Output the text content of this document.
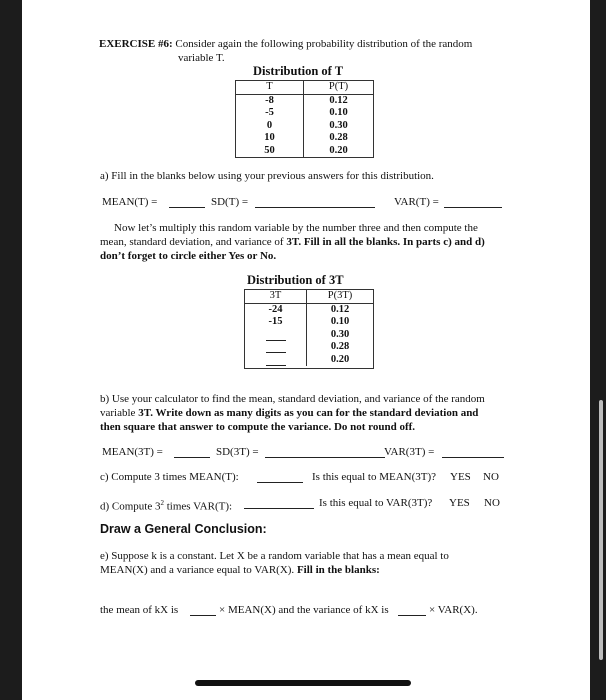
EXERCISE #6: Consider again the following probability distribution of the random
variable T.
Distribution of T
T	P(T)
-8	0.12
-5	0.10
0	0.30
10	0.28
50	0.20
a) Fill in the blanks below using your previous answers for this distribution.
MEAN(T) =	SD(T) =	VAR(T) =
Now let’s multiply this random variable by the number three and then compute the
mean, standard deviation, and variance of 3T. Fill in all the blanks. In parts c) and d)
don’t forget to circle either Yes or No.
Distribution of 3T
3T	P(3T)
-24	0.12
-15	0.10

	0.30

	0.28

	0.20
b) Use your calculator to find the mean, standard deviation, and variance of the random
variable 3T. Write down as many digits as you can for the standard deviation and
then square that answer to compute the variance. Do not round off.
MEAN(3T) =	SD(3T) =	VAR(3T) =
c) Compute 3 times MEAN(T):	Is this equal to MEAN(3T)? YES NO
d) Compute $3^2$ times VAR(T):	Is this equal to VAR(3T)? YES NO
Draw a General Conclusion:
e) Suppose k is a constant. Let X be a random variable that has a mean equal to
MEAN(X) and a variance equal to VAR(X). Fill in the blanks:
the mean of kX is	× MEAN(X) and the variance of kX is	× VAR(X).
